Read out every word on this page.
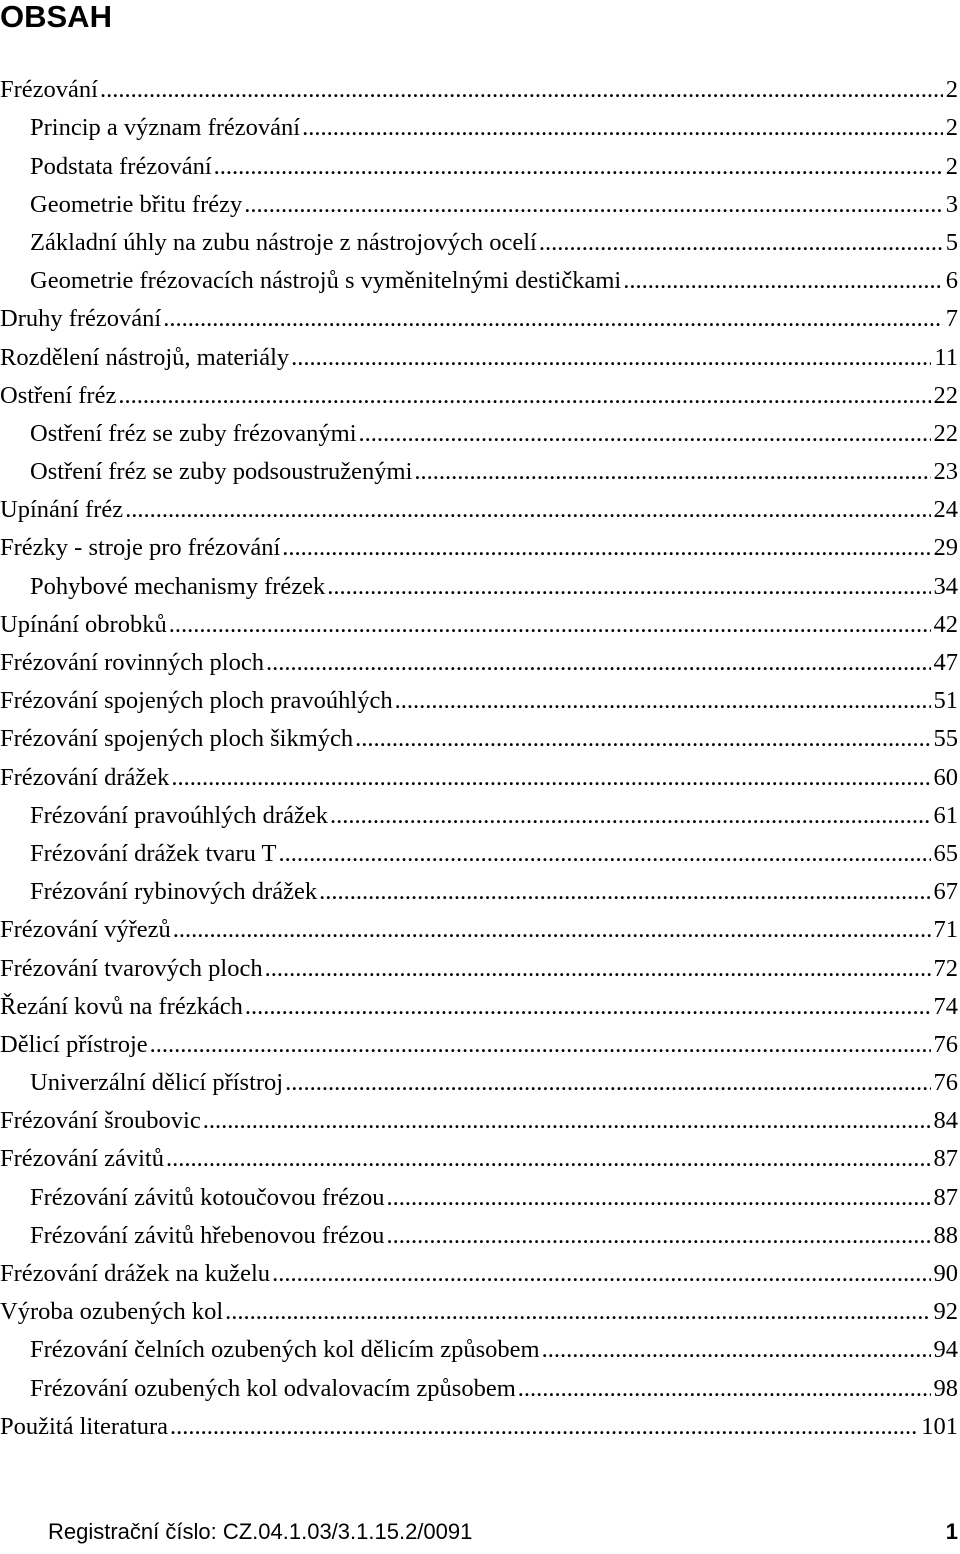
OBSAH
Frézování .....	2
Princip a význam frézování .....	2
Podstata frézování .....	2
Geometrie břitu frézy .....	3
Základní úhly na zubu nástroje z nástrojových ocelí .....	5
Geometrie frézovacích nástrojů s vyměnitelnými destičkami .....	6
Druhy frézování .....	7
Rozdělení nástrojů, materiály .....	11
Ostření fréz .....	22
Ostření fréz se zuby frézovanými .....	22
Ostření fréz se zuby podsoustruženými .....	23
Upínání fréz .....	24
Frézky - stroje pro frézování .....	29
Pohybové mechanismy frézek .....	34
Upínání obrobků .....	42
Frézování rovinných ploch .....	47
Frézování spojených ploch pravoúhlých .....	51
Frézování spojených ploch šikmých .....	55
Frézování drážek .....	60
Frézování pravoúhlých drážek .....	61
Frézování drážek tvaru T .....	65
Frézování rybinových drážek .....	67
Frézování výřezů .....	71
Frézování tvarových ploch .....	72
Řezání kovů na frézkách .....	74
Dělicí přístroje .....	76
Univerzální dělicí přístroj .....	76
Frézování šroubovic .....	84
Frézování závitů .....	87
Frézování závitů kotoučovou frézou .....	87
Frézování závitů hřebenovou frézou .....	88
Frézování drážek na kuželu .....	90
Výroba ozubených kol .....	92
Frézování čelních ozubených kol dělicím způsobem .....	94
Frézování ozubených kol odvalovacím způsobem .....	98
Použitá literatura .....	101
Registrační číslo: CZ.04.1.03/3.1.15.2/0091	1
